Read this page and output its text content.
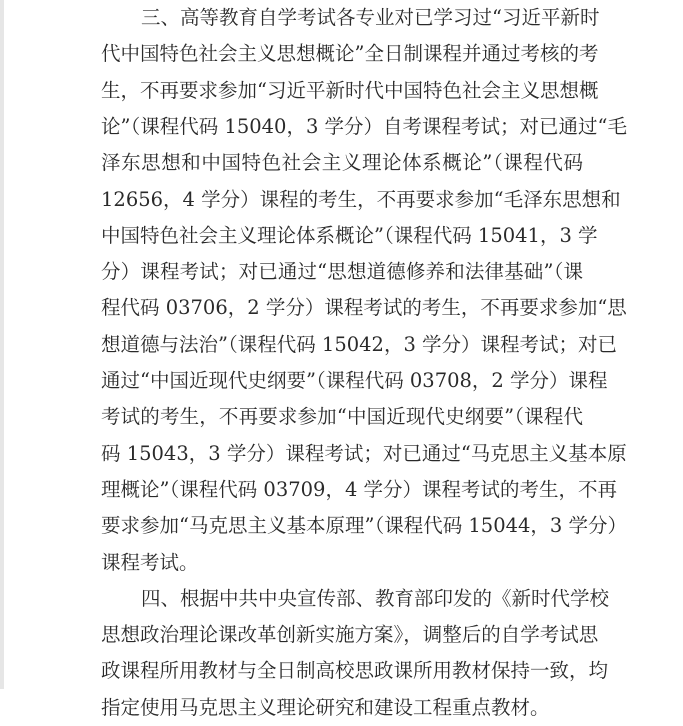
三、高等教育自学考试各专业对已学习过“习近平新时
代中国特色社会主义思想概论”全日制课程并通过考核的考
生，不再要求参加“习近平新时代中国特色社会主义思想概
论”（课程代码 15040，3 学分）自考课程考试；对已通过“毛
泽东思想和中国特色社会主义理论体系概论”（课程代码
12656，4 学分）课程的考生，不再要求参加“毛泽东思想和
中国特色社会主义理论体系概论”（课程代码 15041，3 学
分）课程考试；对已通过“思想道德修养和法律基础”（课
程代码 03706，2 学分）课程考试的考生，不再要求参加“思
想道德与法治”（课程代码 15042，3 学分）课程考试；对已
通过“中国近现代史纲要”（课程代码 03708，2 学分）课程
考试的考生，不再要求参加“中国近现代史纲要”（课程代
码 15043，3 学分）课程考试；对已通过“马克思主义基本原
理概论”（课程代码 03709，4 学分）课程考试的考生，不再
要求参加“马克思主义基本原理”（课程代码 15044，3 学分）
课程考试。
四、根据中共中央宣传部、教育部印发的《新时代学校
思想政治理论课改革创新实施方案》，调整后的自学考试思
政课程所用教材与全日制高校思政课所用教材保持一致，均
指定使用马克思主义理论研究和建设工程重点教材。
